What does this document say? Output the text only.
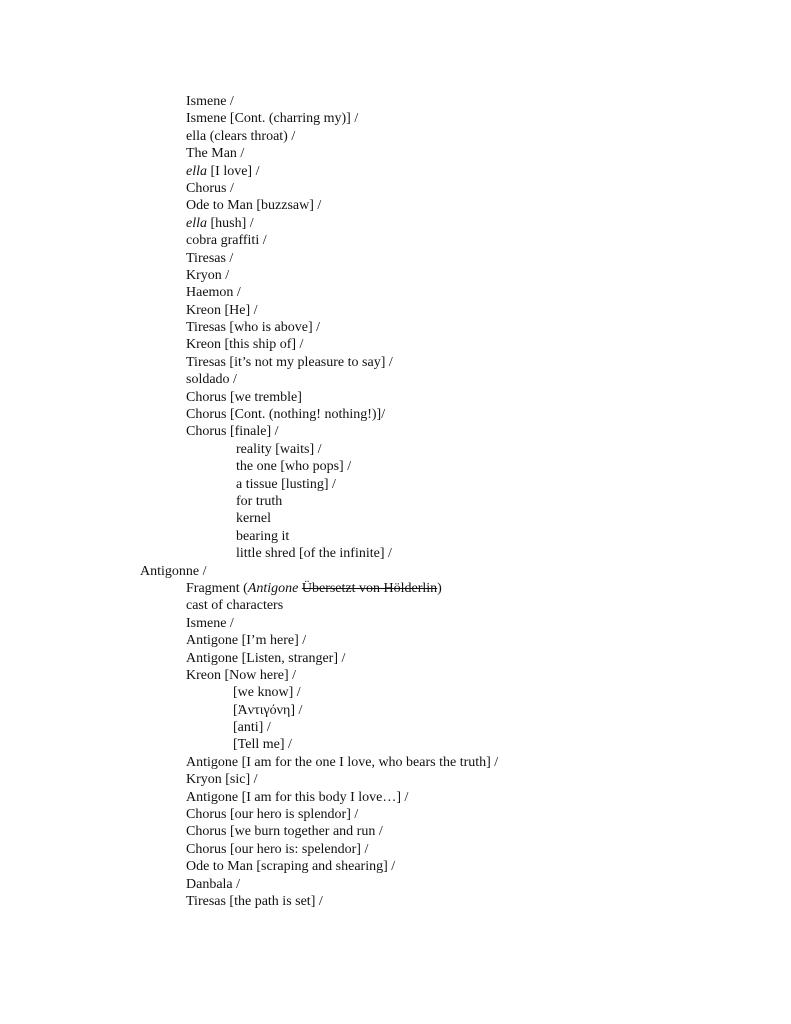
Ismene /
Ismene [Cont. (charring my)] /
ella (clears throat) /
The Man /
ella [I love] /
Chorus /
Ode to Man [buzzsaw] /
ella [hush] /
cobra graffiti /
Tiresas /
Kryon /
Haemon /
Kreon [He] /
Tiresas [who is above] /
Kreon [this ship of] /
Tiresas [it’s not my pleasure to say] /
soldado /
Chorus [we tremble]
Chorus [Cont. (nothing! nothing!)]/
Chorus [finale] /
reality [waits] /
the one [who pops] /
a tissue [lusting] /
for truth
kernel
bearing it
little shred [of the infinite] /
Antigonne /
Fragment (Antigone Übersetzt von Hölderlin)
cast of characters
Ismene /
Antigone [I’m here] /
Antigone [Listen, stranger] /
Kreon [Now here] /
[we know] /
[Ἀντιγόνη] /
[anti] /
[Tell me] /
Antigone [I am for the one I love, who bears the truth] /
Kryon [sic] /
Antigone [I am for this body I love…] /
Chorus [our hero is splendor] /
Chorus [we burn together and run /
Chorus [our hero is: spelendor] /
Ode to Man [scraping and shearing] /
Danbala /
Tiresas [the path is set] /
